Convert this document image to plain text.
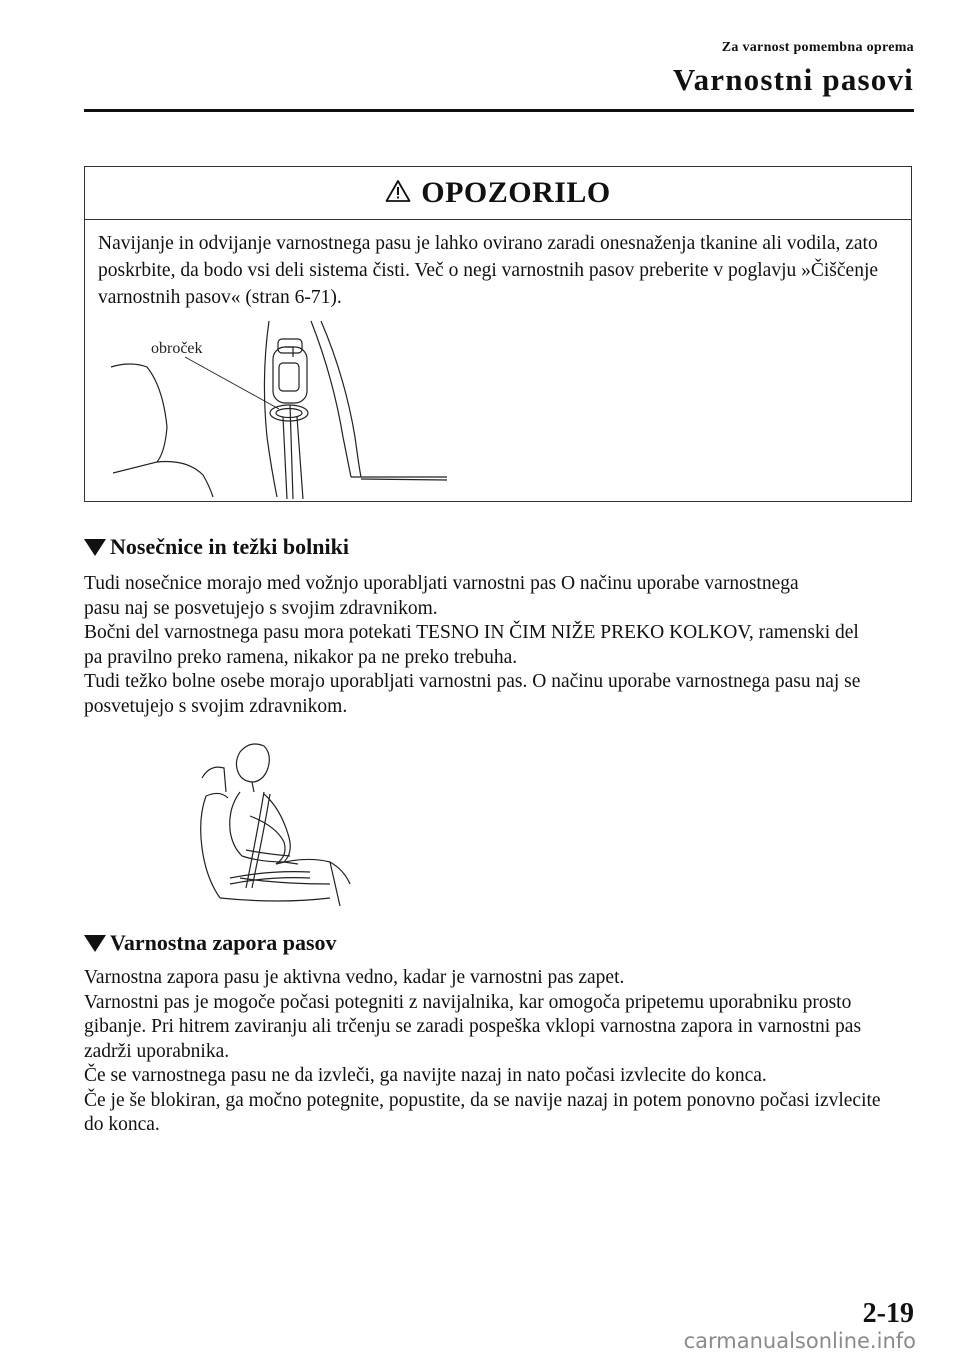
Za varnost pomembna oprema
Varnostni pasovi
OPOZORILO
Navijanje in odvijanje varnostnega pasu je lahko ovirano zaradi onesnaženja tkanine ali vodila, zato poskrbite, da bodo vsi deli sistema čisti. Več o negi varnostnih pasov preberite v poglavju »Čiščenje varnostnih pasov« (stran 6-71).
obroček
Nosečnice in težki bolniki

Tudi nosečnice morajo med vožnjo uporabljati varnostni pas O načinu uporabe varnostnega pasu naj se posvetujejo s svojim zdravnikom.

Bočni del varnostnega pasu mora potekati TESNO IN ČIM NIŽE PREKO KOLKOV, ramenski del pa pravilno preko ramena, nikakor pa ne preko trebuha.

Tudi težko bolne osebe morajo uporabljati varnostni pas. O načinu uporabe varnostnega pasu naj se posvetujejo s svojim zdravnikom.

Varnostna zapora pasov

Varnostna zapora pasu je aktivna vedno, kadar je varnostni pas zapet.

Varnostni pas je mogoče počasi potegniti z navijalnika, kar omogoča pripetemu uporabniku prosto gibanje. Pri hitrem zaviranju ali trčenju se zaradi pospeška vklopi varnostna zapora in varnostni pas zadrži uporabnika.

Če se varnostnega pasu ne da izvleči, ga navijte nazaj in nato počasi izvlecite do konca.

Če je še blokiran, ga močno potegnite, popustite, da se navije nazaj in potem ponovno počasi izvlecite do konca.

2-19
carmanualsonline.info
